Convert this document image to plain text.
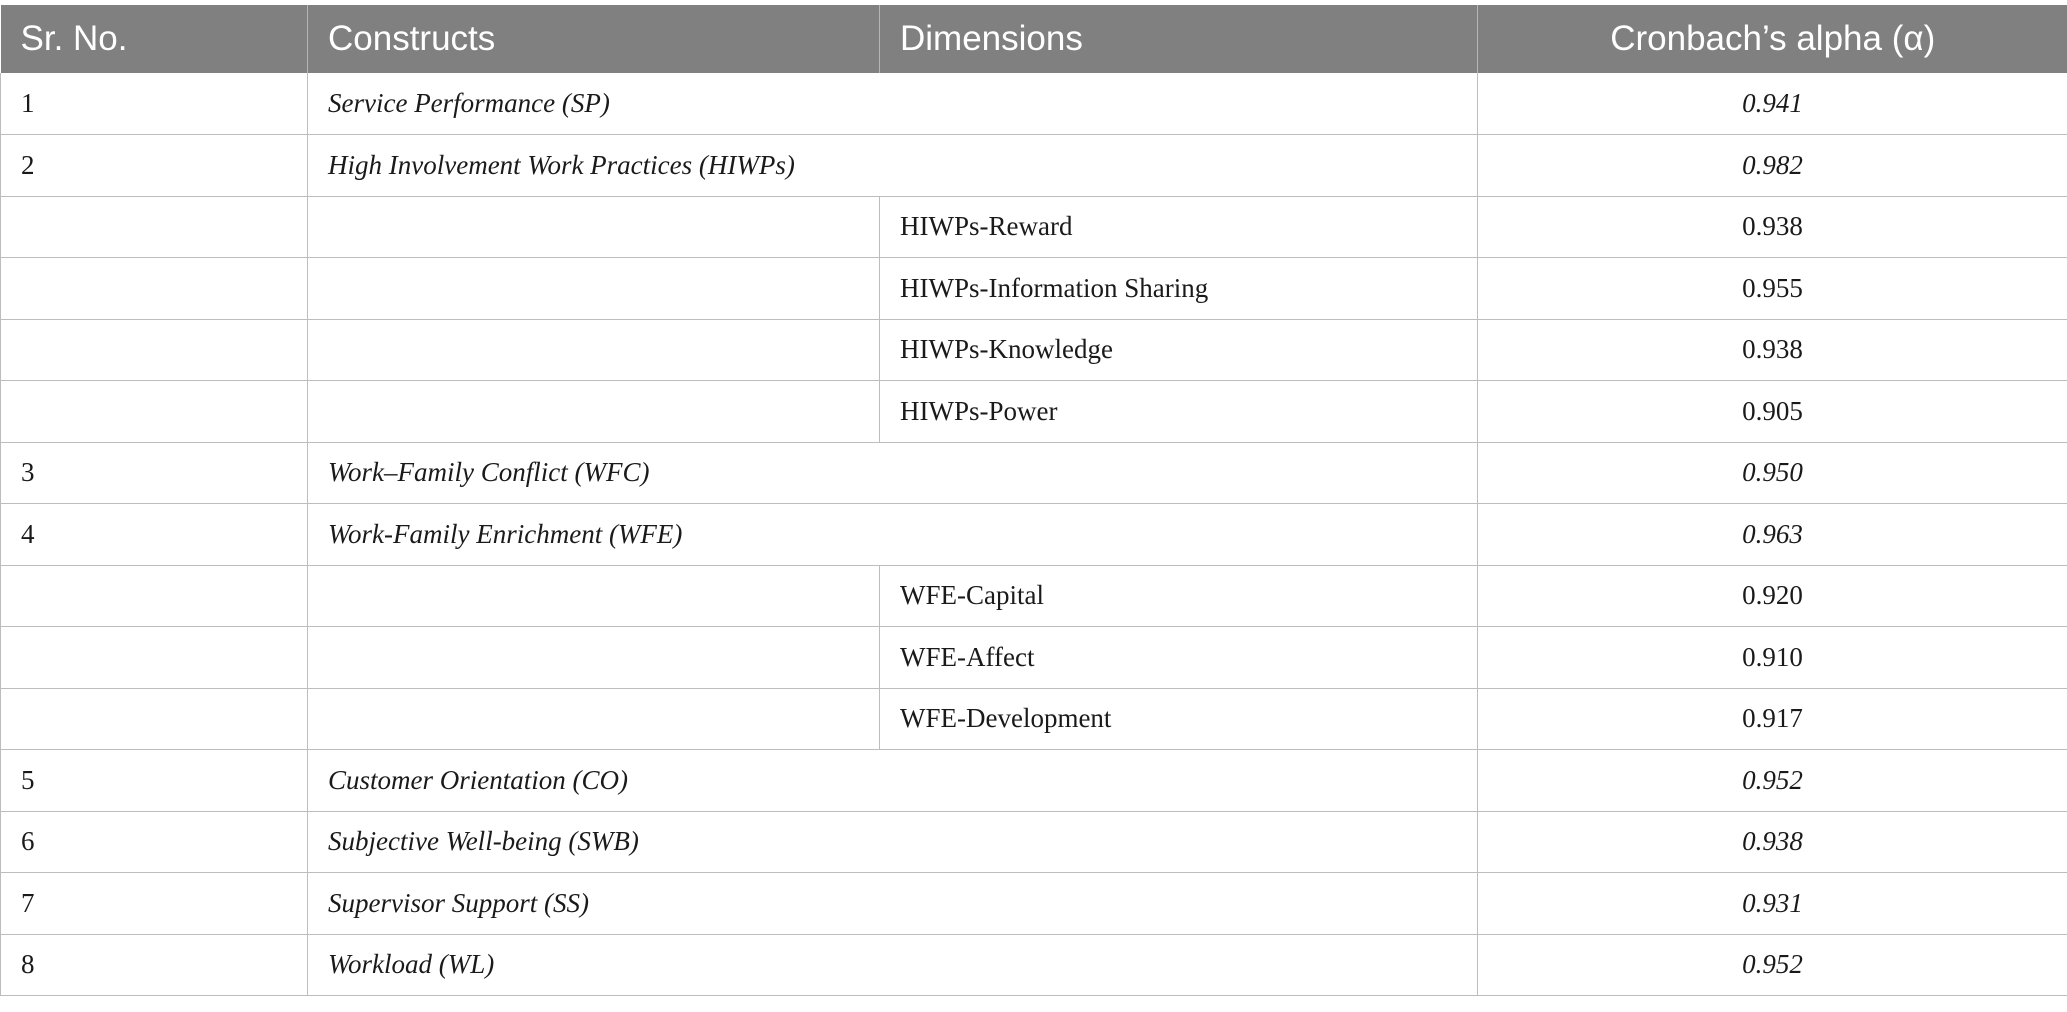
Sr. No.	Constructs	Dimensions	Cronbach’s alpha (α)
1	Service Performance (SP)		0.941
2	High Involvement Work Practices (HIWPs)		0.982
		HIWPs-Reward	0.938
		HIWPs-Information Sharing	0.955
		HIWPs-Knowledge	0.938
		HIWPs-Power	0.905
3	Work–Family Conflict (WFC)		0.950
4	Work-Family Enrichment (WFE)		0.963
		WFE-Capital	0.920
		WFE-Affect	0.910
		WFE-Development	0.917
5	Customer Orientation (CO)		0.952
6	Subjective Well-being (SWB)		0.938
7	Supervisor Support (SS)		0.931
8	Workload (WL)		0.952
